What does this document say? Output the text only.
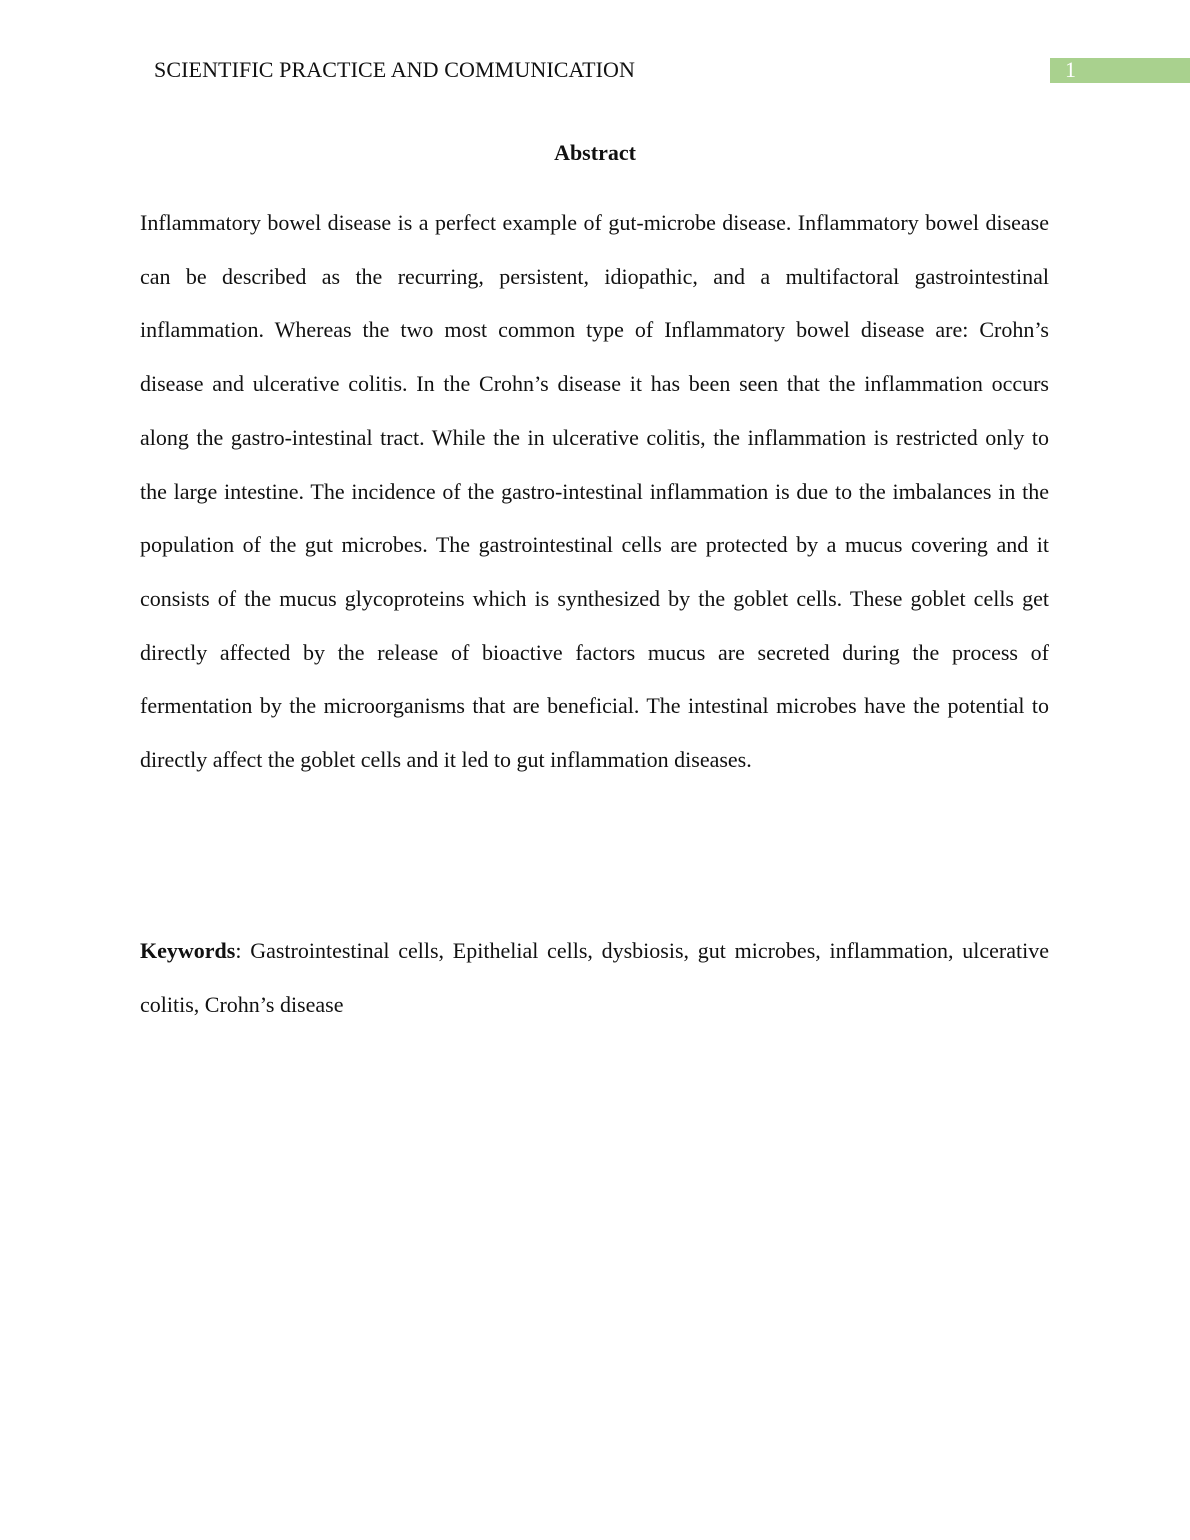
SCIENTIFIC PRACTICE AND COMMUNICATION	1
Abstract

Inflammatory bowel disease is a perfect example of gut-microbe disease. Inflammatory bowel disease can be described as the recurring, persistent, idiopathic, and a multifactoral gastrointestinal inflammation. Whereas the two most common type of Inflammatory bowel disease are: Crohn’s disease and ulcerative colitis. In the Crohn’s disease it has been seen that the inflammation occurs along the gastro-intestinal tract. While the in ulcerative colitis, the inflammation is restricted only to the large intestine. The incidence of the gastro-intestinal inflammation is due to the imbalances in the population of the gut microbes. The gastrointestinal cells are protected by a mucus covering and it consists of the mucus glycoproteins which is synthesized by the goblet cells. These goblet cells get directly affected by the release of bioactive factors mucus are secreted during the process of fermentation by the microorganisms that are beneficial. The intestinal microbes have the potential to directly affect the goblet cells and it led to gut inflammation diseases.

Keywords: Gastrointestinal cells, Epithelial cells, dysbiosis, gut microbes, inflammation, ulcerative colitis, Crohn’s disease
